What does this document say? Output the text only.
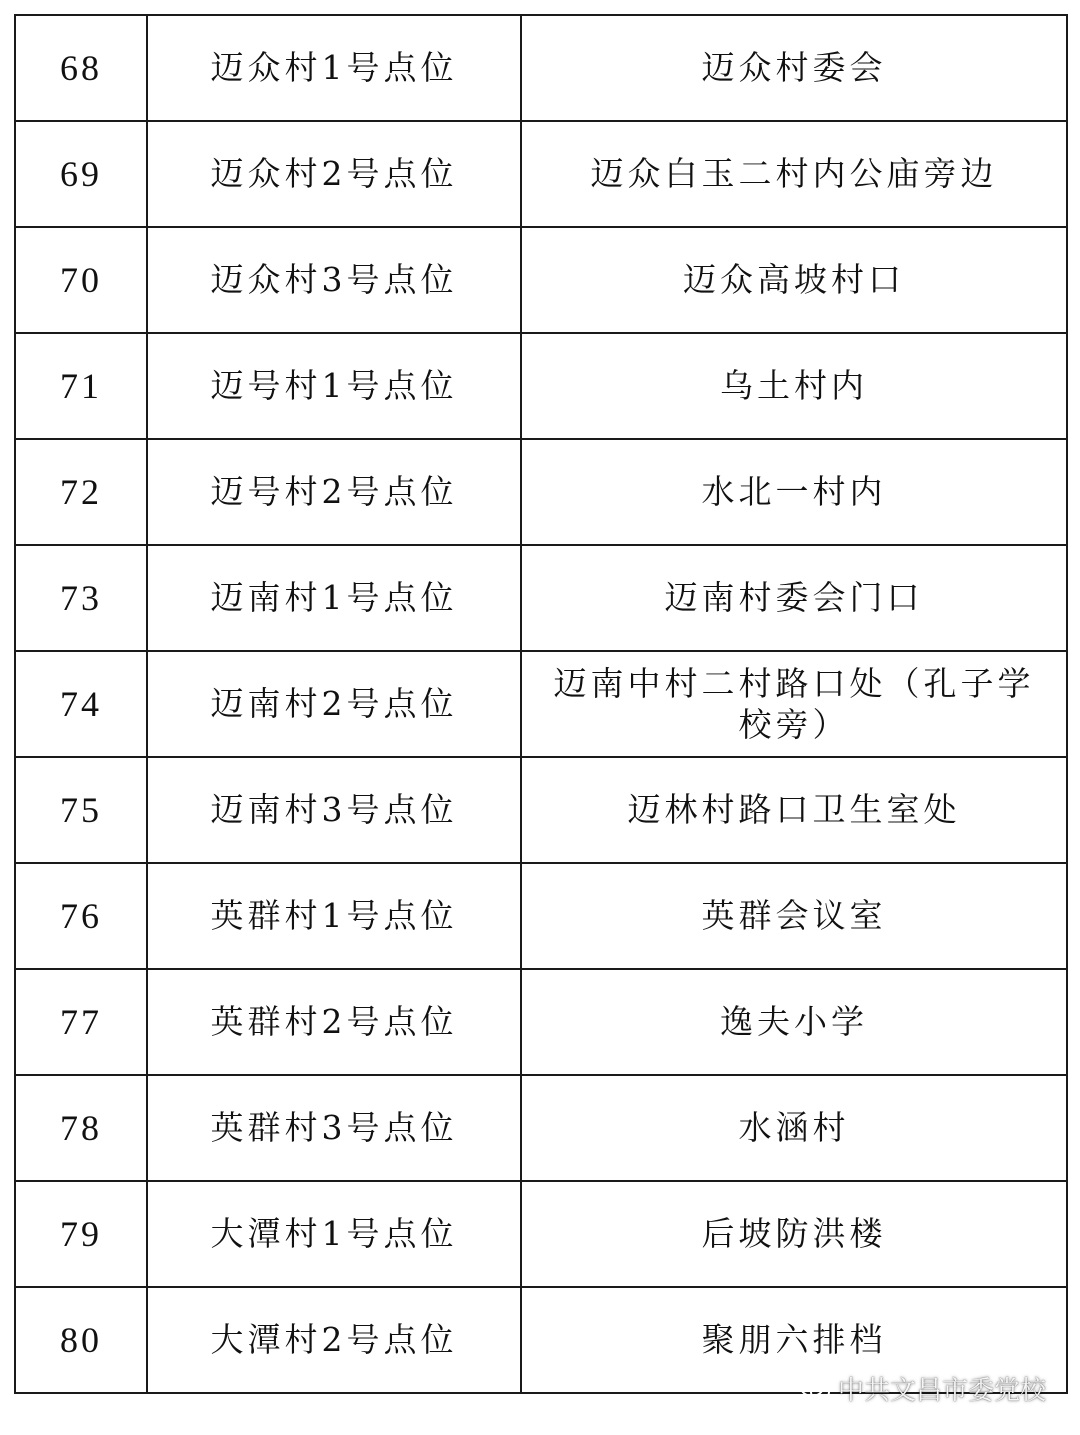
68	迈众村1号点位	迈众村委会
69	迈众村2号点位	迈众白玉二村内公庙旁边
70	迈众村3号点位	迈众高坡村口
71	迈号村1号点位	乌土村内
72	迈号村2号点位	水北一村内
73	迈南村1号点位	迈南村委会门口
74	迈南村2号点位	迈南中村二村路口处（孔子学校旁）
75	迈南村3号点位	迈林村路口卫生室处
76	英群村1号点位	英群会议室
77	英群村2号点位	逸夫小学
78	英群村3号点位	水涵村
79	大潭村1号点位	后坡防洪楼
80	大潭村2号点位	聚朋六排档
中共文昌市委党校
